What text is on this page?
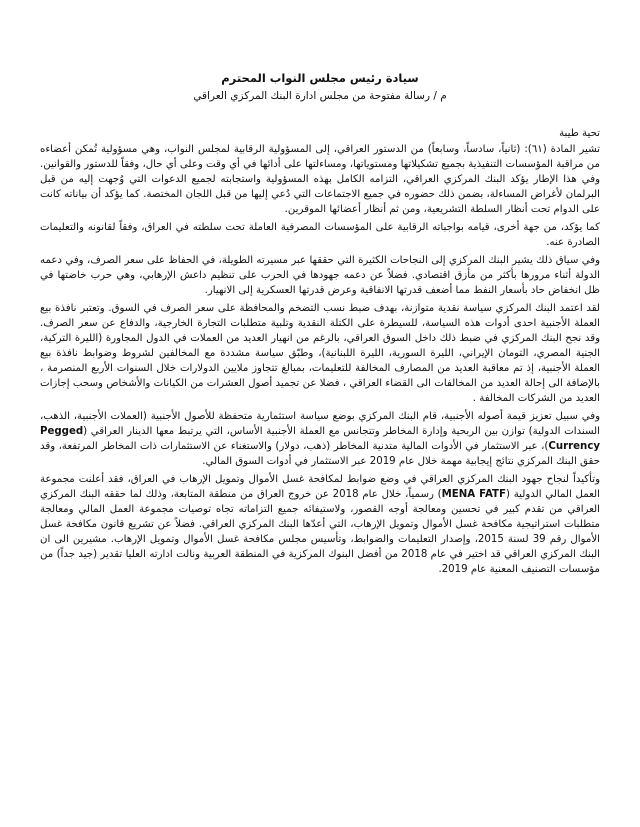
سيادة رئيس مجلس النواب المحترم
م / رسالة مفتوحة من مجلس ادارة البنك المركزي العراقي
تحية طيبة

تشير المادة (٦١): (ثانياً، سادساً، وسابعاً) من الدستور العراقي، إلى المسؤولية الرقابية لمجلس النواب، وهي مسؤولية تُمكن أعضاءه من مراقبة المؤسسات التنفيذية بجميع تشكيلاتها ومستوياتها، ومساءلتها على أدائها في أي وقت وعلى أي حال، وفقاً للدستور والقوانين. وفي هذا الإطار يؤكد البنك المركزي العراقي، التزامه الكامل بهذه المسؤولية واستجابته لجميع الدعوات التي وُجهت إليه من قبل البرلمان لأغراض المساءلة، بضمن ذلك حضوره في جميع الاجتماعات التي دُعي إليها من قبل اللجان المختصة. كما يؤكد أن بياناته كانت على الدوام تحت أنظار السلطة التشريعية، ومن ثم أنظار أعضائها الموقرين.

كما يؤكد، من جهة أخرى، قيامه بواجباته الرقابية على المؤسسات المصرفية العاملة تحت سلطته في العراق، وفقاً لقانونه والتعليمات الصادرة عنه.

وفي سياق ذلك يشير البنك المركزي إلى النجاحات الكثيرة التي حققها عبر مسيرته الطويلة، في الحفاظ على سعر الصرف، وفي دعمه الدولة أثناء مرورها بأكثر من مأزق اقتصادي. فضلاً عن دعمه جهودها في الحرب على تنظيم داعش الإرهابي، وهي حرب خاضتها في ظل انخفاض حاد بأسعار النفط مما أضعف قدرتها الانفاقية وعرض قدرتها العسكرية إلى الانهيار.

لقد اعتمد البنك المركزي سياسة نقدية متوازنة، بهدف ضبط نسب التضخم والمحافظة على سعر الصرف في السوق. وتعتبر نافذة بيع العملة الأجنبية احدى أدوات هذه السياسة، للسيطرة على الكتلة النقدية وتلبية متطلبات التجارة الخارجية، والدفاع عن سعر الصرف. وقد نجح البنك المركزي في ضبط ذلك داخل السوق العراقي، بالرغم من انهيار العديد من العملات في الدول المجاورة (الليرة التركية، الجنية المصري، التومان الإيراني، الليرة السورية، الليرة اللبنانية)، وطبّق سياسة مشددة مع المخالفين لشروط وضوابط نافذة بيع العملة الأجنبية، إذ تم معاقبة العديد من المصارف المخالفة للتعليمات، بمبالغ تتجاوز ملايين الدولارات خلال السنوات الأربع المنصرمة ، بالإضافة الى إحالة العديد من المخالفات الى القضاء العراقي ، فضلا عن تجميد أصول العشرات من الكيانات والأشخاص وسحب إجازات العديد من الشركات المخالفة .

وفي سبيل تعزيز قيمة أصوله الأجنبية، قام البنك المركزي بوضع سياسة استثمارية متحفظة للأصول الأجنبية (العملات الأجنبية، الذهب، السندات الدولية) توازن بين الربحية وإدارة المخاطر وتتجانس مع العملة الأجنبية الأساس، التي يرتبط معها الدينار العراقي (Pegged Currency)، عبر الاستثمار في الأدوات المالية متدنية المخاطر (ذهب، دولار) والاستغناء عن الاستثمارات ذات المخاطر المرتفعة، وقد حقق البنك المركزي نتائج إيجابية مهمة خلال عام 2019 عبر الاستثمار في أدوات السوق المالي.

وتأكيداً لنجاح جهود البنك المركزي العراقي في وضع ضوابط لمكافحة غسل الأموال وتمويل الإرهاب في العراق، فقد أعلنت مجموعة العمل المالي الدولية (MENA FATF) رسمياً، خلال عام 2018 عن خروج العراق من منطقة المتابعة، وذلك لما حققه البنك المركزي العراقي من تقدم كبير في تحسين ومعالجة أوجه القصور، ولاستيفائه جميع التزاماته تجاه توصيات مجموعة العمل المالي ومعالجة متطلبات استراتيجية مكافحة غسل الأموال وتمويل الإرهاب، التي أعدّها البنك المركزي العراقي. فضلاً عن تشريع قانون مكافحة غسل الأموال رقم 39 لسنة 2015، وإصدار التعليمات والضوابط، وتأسيس مجلس مكافحة غسل الأموال وتمويل الإرهاب. مشيرين الى ان البنك المركزي العراقي قد اختير في عام 2018 من أفضل البنوك المركزية في المنطقة العربية ونالت ادارته العليا تقدير (جيد جداً) من مؤسسات التصنيف المعنية عام 2019.
